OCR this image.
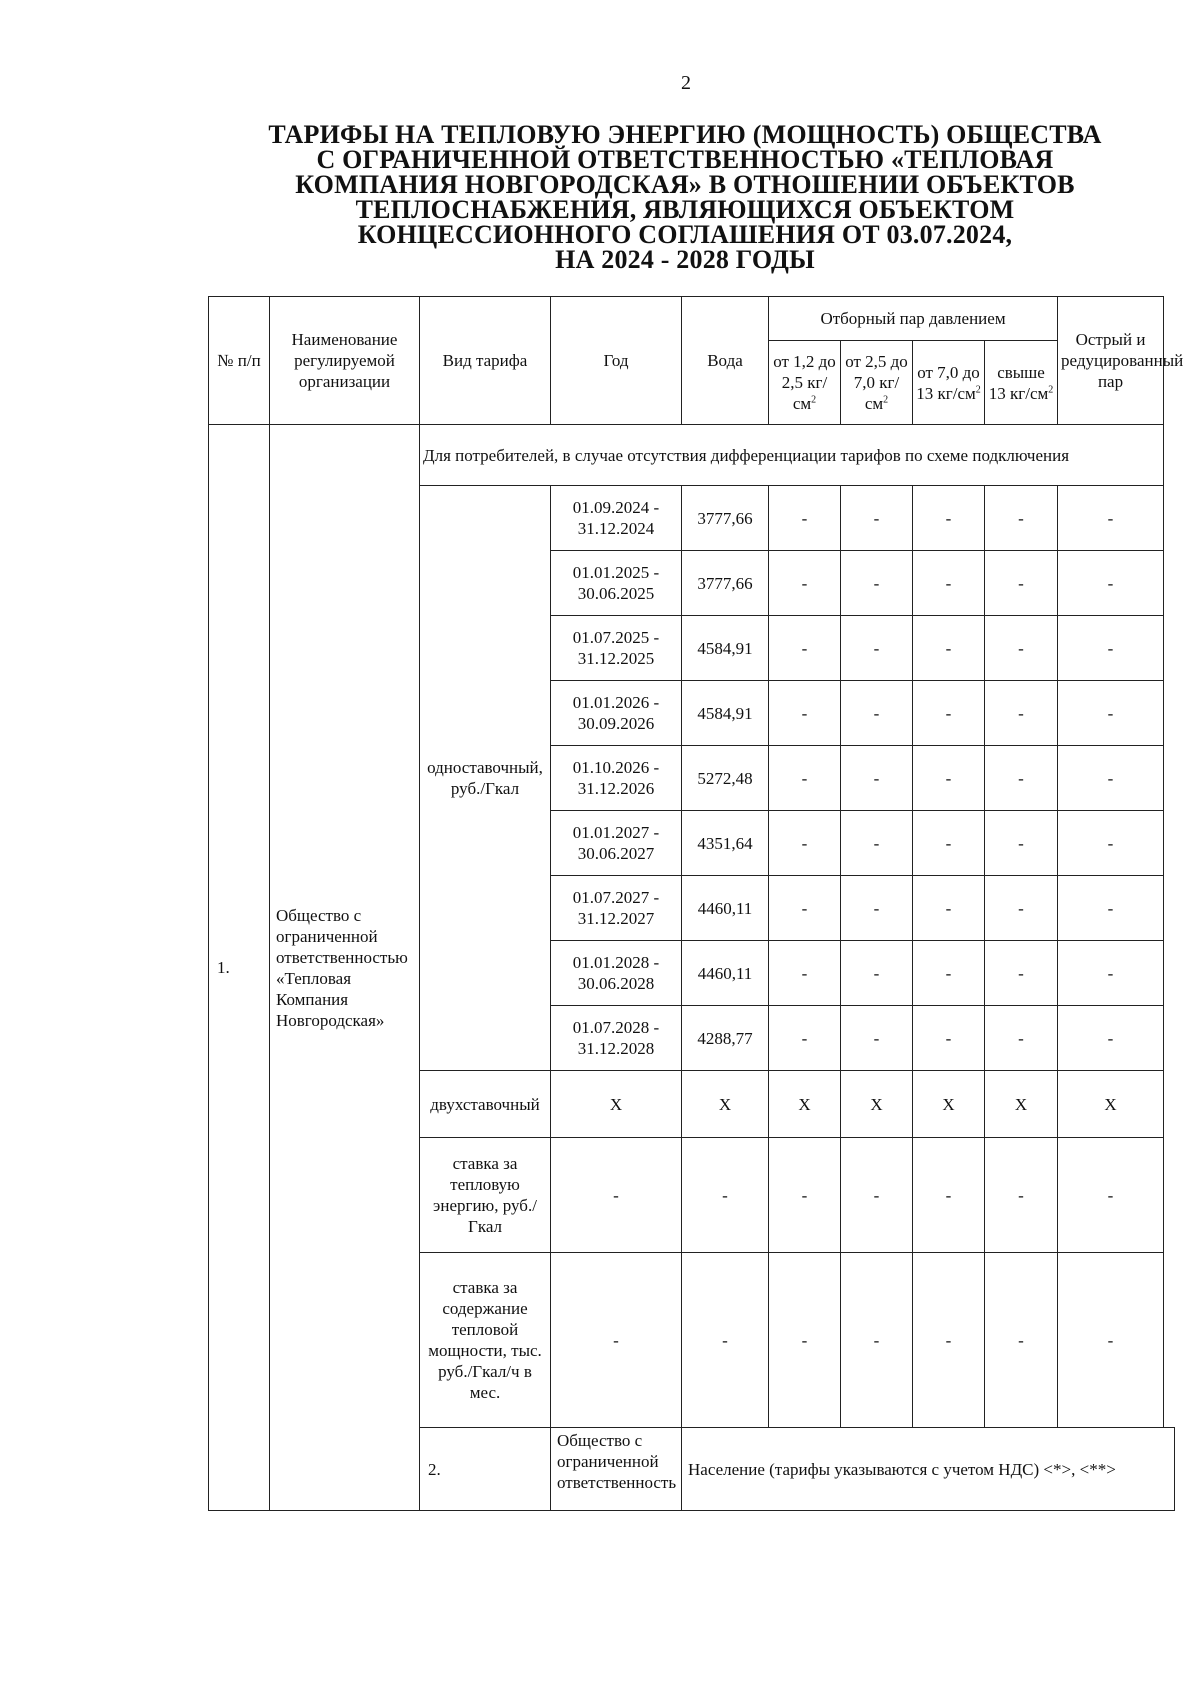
2
ТАРИФЫ НА ТЕПЛОВУЮ ЭНЕРГИЮ (МОЩНОСТЬ) ОБЩЕСТВА
С ОГРАНИЧЕННОЙ ОТВЕТСТВЕННОСТЬЮ «ТЕПЛОВАЯ
КОМПАНИЯ НОВГОРОДСКАЯ» В ОТНОШЕНИИ ОБЪЕКТОВ
ТЕПЛОСНАБЖЕНИЯ, ЯВЛЯЮЩИХСЯ ОБЪЕКТОМ
КОНЦЕССИОННОГО СОГЛАШЕНИЯ ОТ 03.07.2024,
НА 2024 - 2028 ГОДЫ
№ п/п	Наименование регулируемой организации	Вид тарифа	Год	Вода	Отборный пар давлением				Острый и редуцированный пар
					от 1,2 до 2,5 $кг/см^2$	от 2,5 до 7,0 $кг/см^2$	от 7,0 до 13 $кг/см^2$	свыше 13 $кг/см^2$
1.	Общество с ограниченной ответственностью «Тепловая Компания Новгородская»	Для потребителей, в случае отсутствия дифференциации тарифов по схеме подключения							
		одноставочный, руб./Гкал	01.09.2024 - 31.12.2024	3777,66	-	-	-	-	-
			01.01.2025 - 30.06.2025	3777,66	-	-	-	-	-
			01.07.2025 - 31.12.2025	4584,91	-	-	-	-	-
			01.01.2026 - 30.09.2026	4584,91	-	-	-	-	-
			01.10.2026 - 31.12.2026	5272,48	-	-	-	-	-
			01.01.2027 - 30.06.2027	4351,64	-	-	-	-	-
			01.07.2027 - 31.12.2027	4460,11	-	-	-	-	-
			01.01.2028 - 30.06.2028	4460,11	-	-	-	-	-
			01.07.2028 - 31.12.2028	4288,77	-	-	-	-	-
		двухставочный	X	X	X	X	X	X	X
		ставка за тепловую энергию, руб./Гкал	-	-	-	-	-	-	-
		ставка за содержание тепловой мощности, тыс. руб./Гкал/ч в мес.	-	-	-	-	-	-	-
		2.	Общество с ограниченной ответственность	Население (тарифы указываются с учетом НДС) <*>, <**>					
